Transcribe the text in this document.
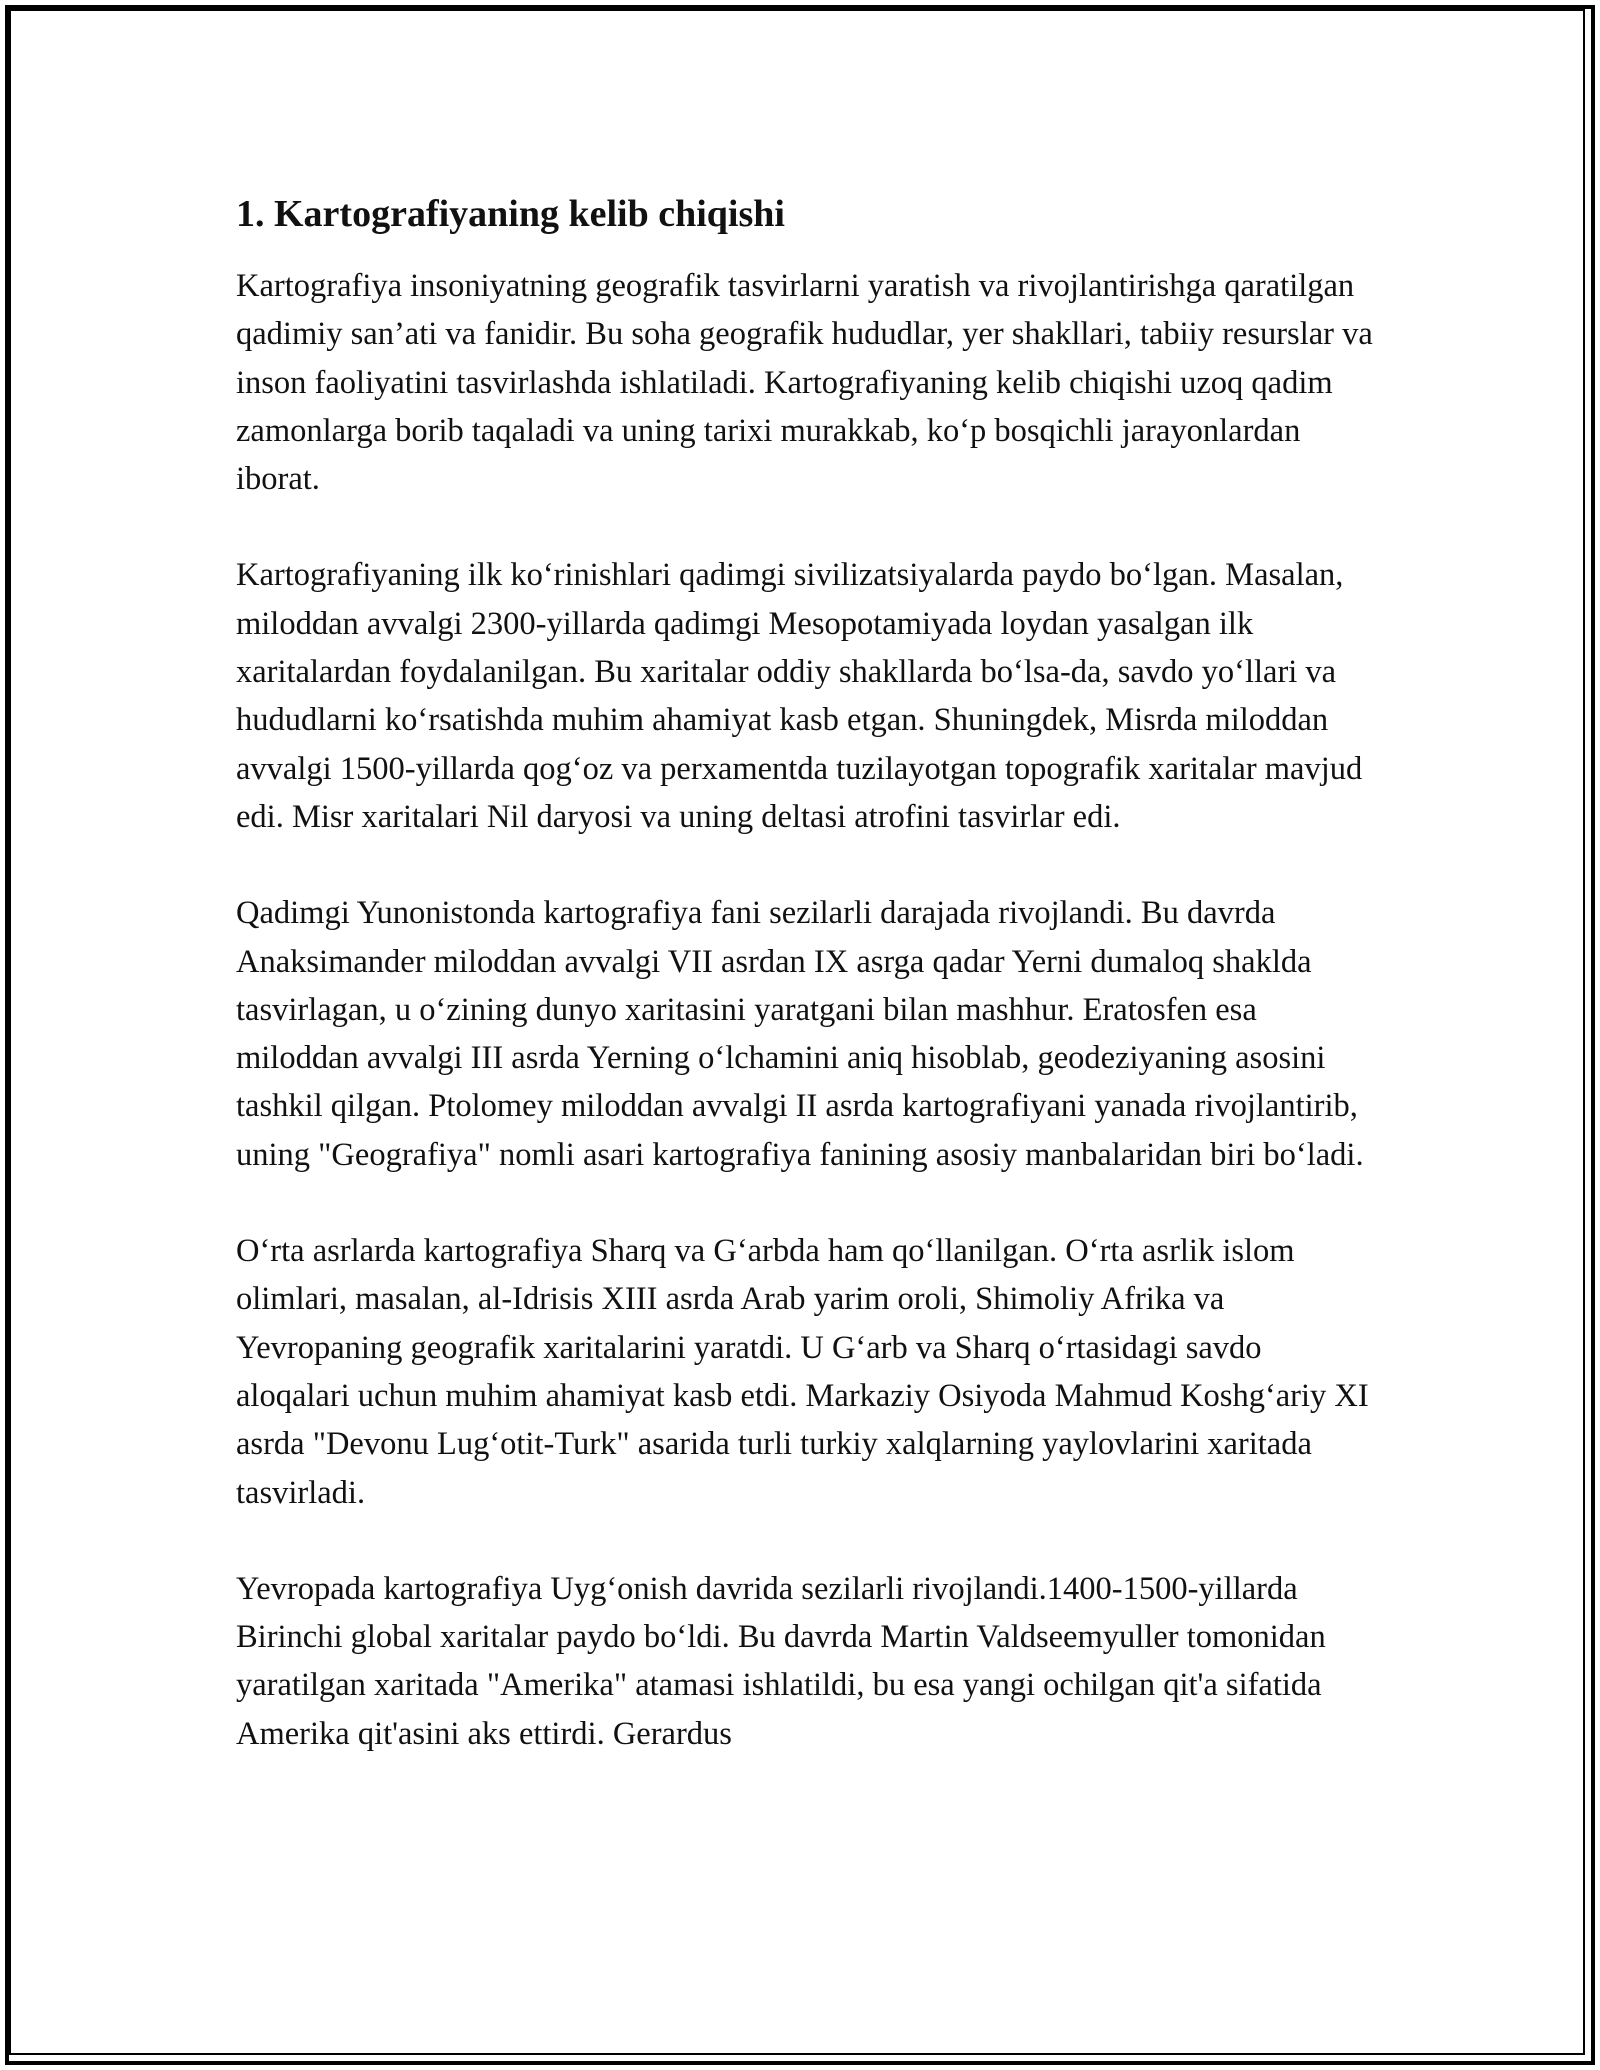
1. Kartografiyaning kelib chiqishi

Kartografiya insoniyatning geografik tasvirlarni yaratish va rivojlantirishga qaratilgan qadimiy san’ati va fanidir. Bu soha geografik hududlar, yer shakllari, tabiiy resurslar va inson faoliyatini tasvirlashda ishlatiladi. Kartografiyaning kelib chiqishi uzoq qadim zamonlarga borib taqaladi va uning tarixi murakkab, koʻp bosqichli jarayonlardan iborat.

Kartografiyaning ilk koʻrinishlari qadimgi sivilizatsiyalarda paydo boʻlgan. Masalan, miloddan avvalgi 2300-yillarda qadimgi Mesopotamiyada loydan yasalgan ilk xaritalardan foydalanilgan. Bu xaritalar oddiy shakllarda boʻlsa-da, savdo yoʻllari va hududlarni koʻrsatishda muhim ahamiyat kasb etgan. Shuningdek, Misrda miloddan avvalgi 1500-yillarda qogʻoz va perxamentda tuzilayotgan topografik xaritalar mavjud edi. Misr xaritalari Nil daryosi va uning deltasi atrofini tasvirlar edi.

Qadimgi Yunonistonda kartografiya fani sezilarli darajada rivojlandi. Bu davrda Anaksimander miloddan avvalgi VII asrdan IX asrga qadar Yerni dumaloq shaklda tasvirlagan, u oʻzining dunyo xaritasini yaratgani bilan mashhur. Eratosfen esa miloddan avvalgi III asrda Yerning oʻlchamini aniq hisoblab, geodeziyaning asosini tashkil qilgan. Ptolomey miloddan avvalgi II asrda kartografiyani yanada rivojlantirib, uning "Geografiya" nomli asari kartografiya fanining asosiy manbalaridan biri boʻladi.

Oʻrta asrlarda kartografiya Sharq va Gʻarbda ham qoʻllanilgan. Oʻrta asrlik islom olimlari, masalan, al-Idrisis XIII asrda Arab yarim oroli, Shimoliy Afrika va Yevropaning geografik xaritalarini yaratdi. U Gʻarb va Sharq oʻrtasidagi savdo aloqalari uchun muhim ahamiyat kasb etdi. Markaziy Osiyoda Mahmud Koshgʻariy XI asrda "Devonu Lugʻotit-Turk" asarida turli turkiy xalqlarning yaylovlarini xaritada tasvirladi.

Yevropada kartografiya Uygʻonish davrida sezilarli rivojlandi.1400-1500-yillarda Birinchi global xaritalar paydo boʻldi. Bu davrda Martin Valdseemyuller tomonidan yaratilgan xaritada "Amerika" atamasi ishlatildi, bu esa yangi ochilgan qit'a sifatida Amerika qit'asini aks ettirdi. Gerardus
